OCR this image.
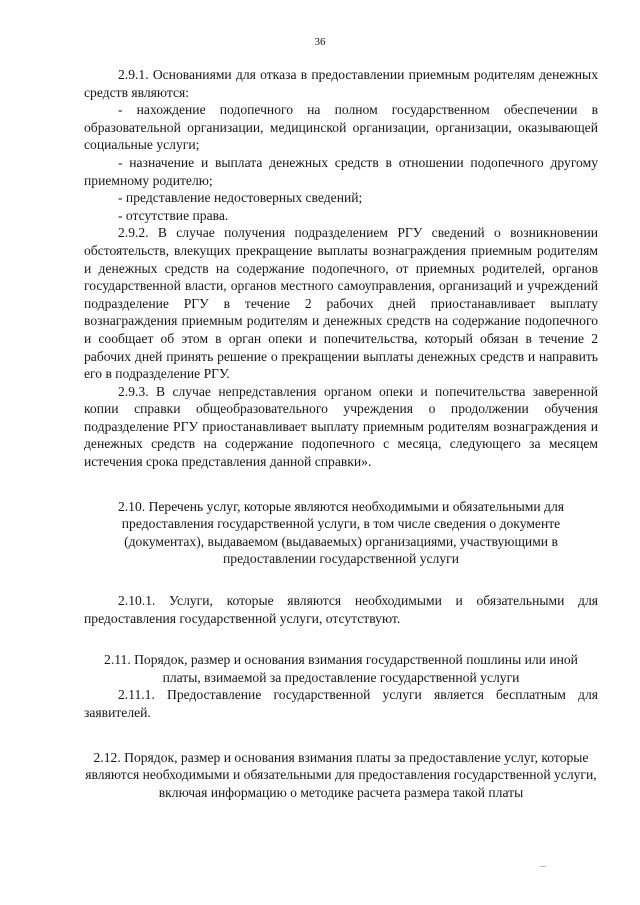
36

2.9.1. Основаниями для отказа в предоставлении приемным родителям денежных средств являются:

- нахождение подопечного на полном государственном обеспечении в образовательной организации, медицинской организации, организации, оказывающей социальные услуги;

- назначение и выплата денежных средств в отношении подопечного другому приемному родителю;

- представление недостоверных сведений;

- отсутствие права.

2.9.2. В случае получения подразделением РГУ сведений о возникновении обстоятельств, влекущих прекращение выплаты вознаграждения приемным родителям и денежных средств на содержание подопечного, от приемных родителей, органов государственной власти, органов местного самоуправления, организаций и учреждений подразделение РГУ в течение 2 рабочих дней приостанавливает выплату вознаграждения приемным родителям и денежных средств на содержание подопечного и сообщает об этом в орган опеки и попечительства, который обязан в течение 2 рабочих дней принять решение о прекращении выплаты денежных средств и направить его в подразделение РГУ.

2.9.3. В случае непредставления органом опеки и попечительства заверенной копии справки общеобразовательного учреждения о продолжении обучения подразделение РГУ приостанавливает выплату приемным родителям вознаграждения и денежных средств на содержание подопечного с месяца, следующего за месяцем истечения срока представления данной справки».

2.10. Перечень услуг, которые являются необходимыми и обязательными для предоставления государственной услуги, в том числе сведения о документе (документах), выдаваемом (выдаваемых) организациями, участвующими в предоставлении государственной услуги

2.10.1. Услуги, которые являются необходимыми и обязательными для предоставления государственной услуги, отсутствуют.

2.11. Порядок, размер и основания взимания государственной пошлины или иной платы, взимаемой за предоставление государственной услуги

2.11.1. Предоставление государственной услуги является бесплатным для заявителей.

2.12. Порядок, размер и основания взимания платы за предоставление услуг, которые являются необходимыми и обязательными для предоставления государственной услуги, включая информацию о методике расчета размера такой платы
